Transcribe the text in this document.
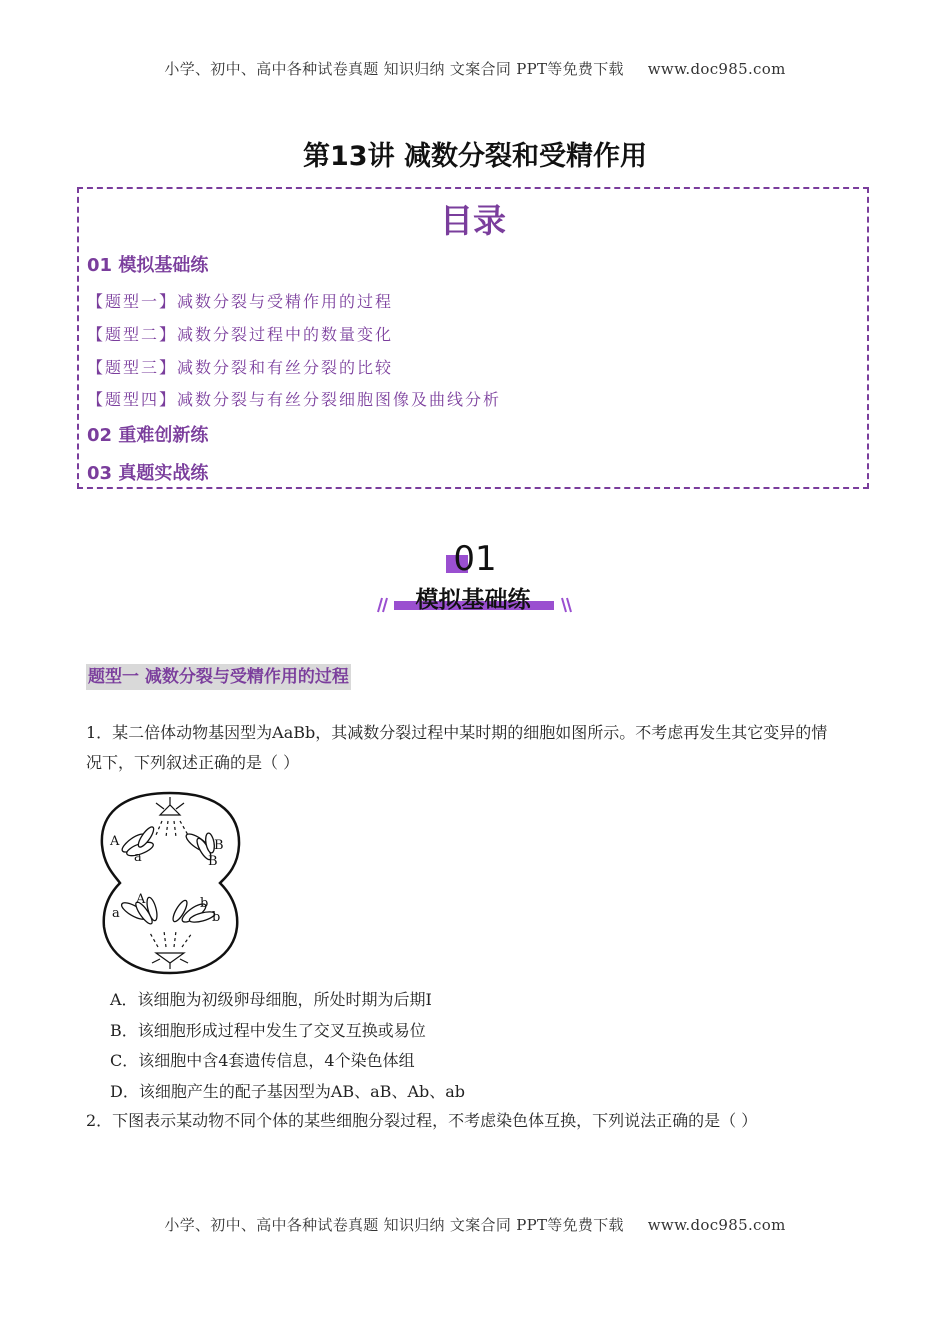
小学、初中、高中各种试卷真题 知识归纳 文案合同 PPT等免费下载 www.doc985.com
第13讲 减数分裂和受精作用
目录
01 模拟基础练
【题型一】减数分裂与受精作用的过程
【题型二】减数分裂过程中的数量变化
【题型三】减数分裂和有丝分裂的比较
【题型四】减数分裂与有丝分裂细胞图像及曲线分析
02 重难创新练
03 真题实战练
01
模拟基础练
题型一 减数分裂与受精作用的过程
1．某二倍体动物基因型为AaBb，其减数分裂过程中某时期的细胞如图所示。不考虑再发生其它变异的情
况下，下列叙述正确的是（ ）
A
a
B
B
a
A	b
b
A．该细胞为初级卵母细胞，所处时期为后期Ⅰ
B．该细胞形成过程中发生了交叉互换或易位
C．该细胞中含4套遗传信息，4个染色体组
D．该细胞产生的配子基因型为AB、aB、Ab、ab
2．下图表示某动物不同个体的某些细胞分裂过程，不考虑染色体互换，下列说法正确的是（ ）
小学、初中、高中各种试卷真题 知识归纳 文案合同 PPT等免费下载 www.doc985.com
